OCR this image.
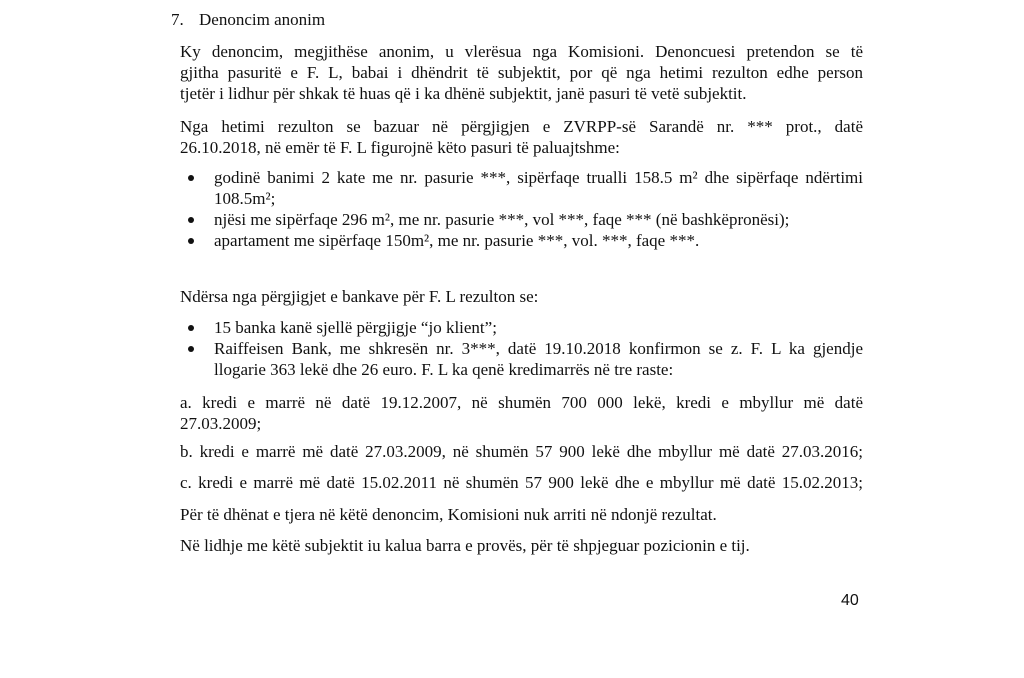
7. Denoncim anonim
Ky denoncim, megjithëse anonim, u vlerësua nga Komisioni. Denoncuesi pretendon se të
gjitha pasuritë e F. L, babai i dhëndrit të subjektit, por që nga hetimi rezulton edhe person
tjetër i lidhur për shkak të huas që i ka dhënë subjektit, janë pasuri të vetë subjektit.
Nga hetimi rezulton se bazuar në përgjigjen e ZVRPP-së Sarandë nr. *** prot., datë
26.10.2018, në emër të F. L figurojnë këto pasuri të paluajtshme:
godinë banimi 2 kate me nr. pasurie ***, sipërfaqe trualli 158.5 m² dhe sipërfaqe ndërtimi
108.5m²;
njësi me sipërfaqe 296 m², me nr. pasurie ***, vol ***, faqe *** (në bashkëpronësi);
apartament me sipërfaqe 150m², me nr. pasurie ***, vol. ***, faqe ***.
Ndërsa nga përgjigjet e bankave për F. L rezulton se:
15 banka kanë sjellë përgjigje “jo klient”;
Raiffeisen Bank, me shkresën nr. 3***, datë 19.10.2018 konfirmon se z. F. L ka gjendje
llogarie 363 lekë dhe 26 euro. F. L ka qenë kredimarrës në tre raste:
a. kredi e marrë në datë 19.12.2007, në shumën 700 000 lekë, kredi e mbyllur më datë
27.03.2009;
b. kredi e marrë më datë 27.03.2009, në shumën 57 900 lekë dhe mbyllur më datë 27.03.2016;
c. kredi e marrë më datë 15.02.2011 në shumën 57 900 lekë dhe e mbyllur më datë 15.02.2013;
Për të dhënat e tjera në këtë denoncim, Komisioni nuk arriti në ndonjë rezultat.
Në lidhje me këtë subjektit iu kalua barra e provës, për të shpjeguar pozicionin e tij.
40
